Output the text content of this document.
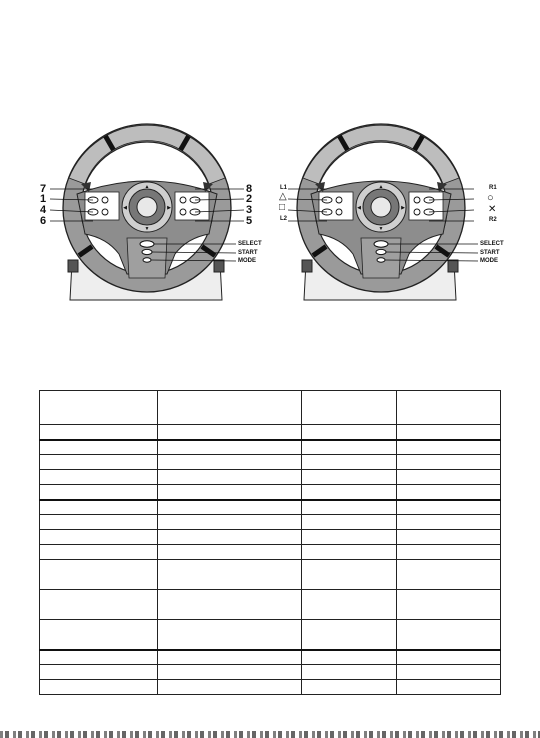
▲
▼
◀	▶
7
1
4
6
8
2
3
5
SELECT
START
MODE
▲
▼
◀	▶
L1
△
□
L2
R1
○
✕
R2
SELECT
START
MODE
